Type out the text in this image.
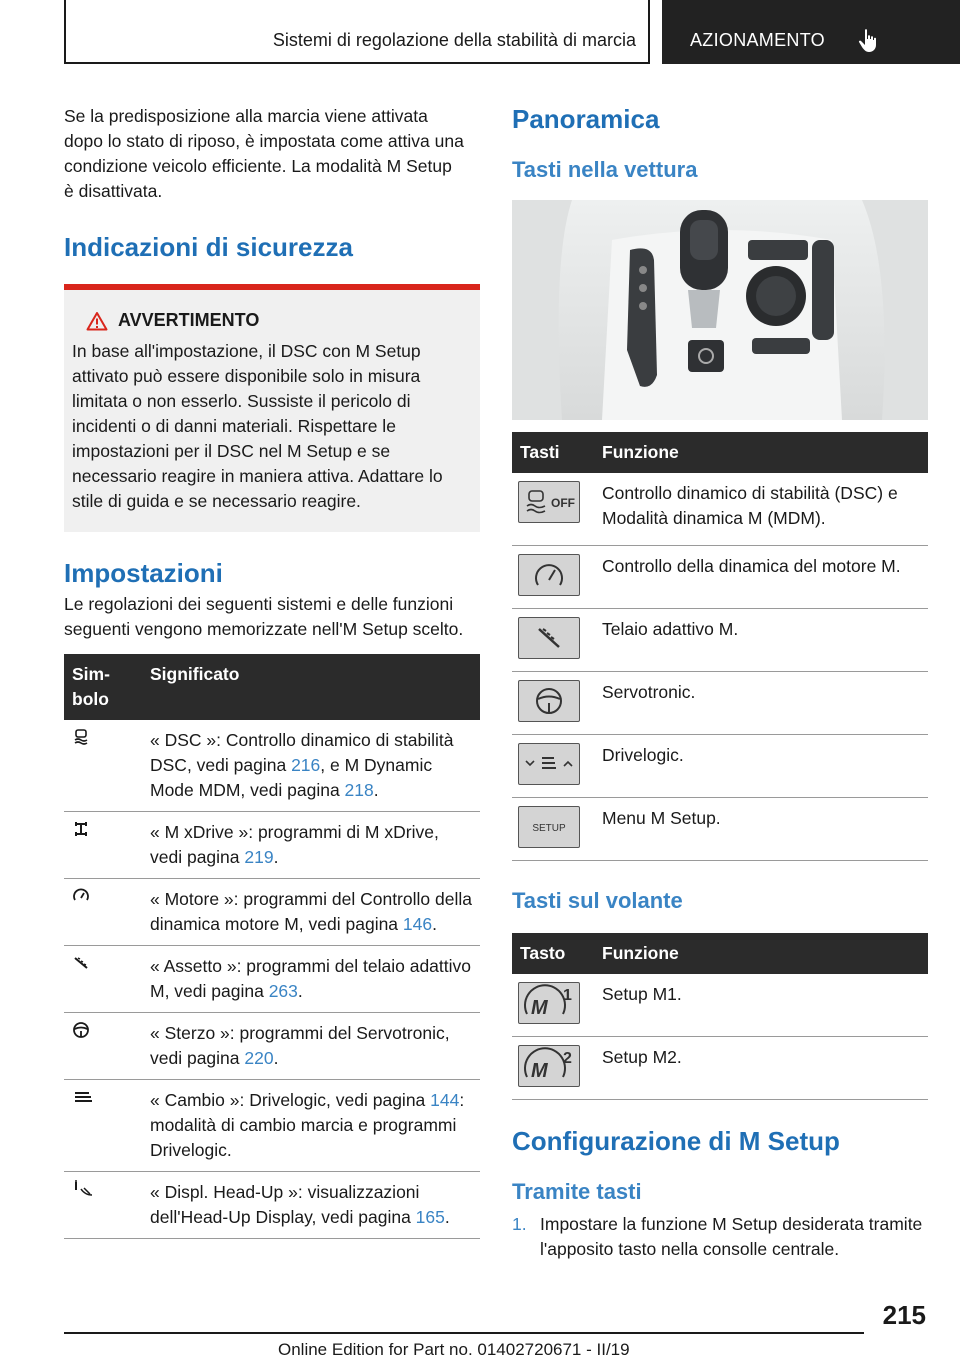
Sistemi di regolazione della stabilità di marcia	AZIONAMENTO

Se la predisposizione alla marcia viene attivata dopo lo stato di riposo, è impostata come attiva una condizione veicolo efficiente. La modalità M Setup è disattivata.

Indicazioni di sicurezza
AVVERTIMENTO

In base all'impostazione, il DSC con M Setup attivato può essere disponibile solo in misura limitata o non esserlo. Sussiste il pericolo di incidenti o di danni materiali. Rispettare le impostazioni per il DSC nel M Setup e se necessario reagire in maniera attiva. Adattare lo stile di guida e se necessario reagire.

Impostazioni

Le regolazioni dei seguenti sistemi e delle funzioni seguenti vengono memorizzate nell'M Setup scelto.

Sim-bolo	Significato
	« DSC »: Controllo dinamico di stabilità DSC, vedi pagina 216, e M Dynamic Mode MDM, vedi pagina 218.
	« M xDrive »: programmi di M xDrive, vedi pagina 219.
	« Motore »: programmi del Controllo della dinamica motore M, vedi pagina 146.
	« Assetto »: programmi del telaio adattivo M, vedi pagina 263.
	« Sterzo »: programmi del Servotronic, vedi pagina 220.
	« Cambio »: Drivelogic, vedi pagina 144: modalità di cambio marcia e programmi Drivelogic.
	« Displ. Head-Up »: visualizzazioni dell'Head-Up Display, vedi pagina 165.
Panoramica
Tasti nella vettura
Tasti	Funzione

OFF	Controllo dinamico di stabilità (DSC) e Modalità dinamica M (MDM).

	Controllo della dinamica del motore M.

	Telaio adattivo M.

	Servotronic.

	Drivelogic.

SETUP	Menu M Setup.
Tasti sul volante
Tasto	Funzione

M
1	Setup M1.

M
2	Setup M2.
Configurazione di M Setup
Tramite tasti
1. Impostare la funzione M Setup desiderata tramite l'apposito tasto nella consolle centrale.
215
Online Edition for Part no. 01402720671 - II/19
